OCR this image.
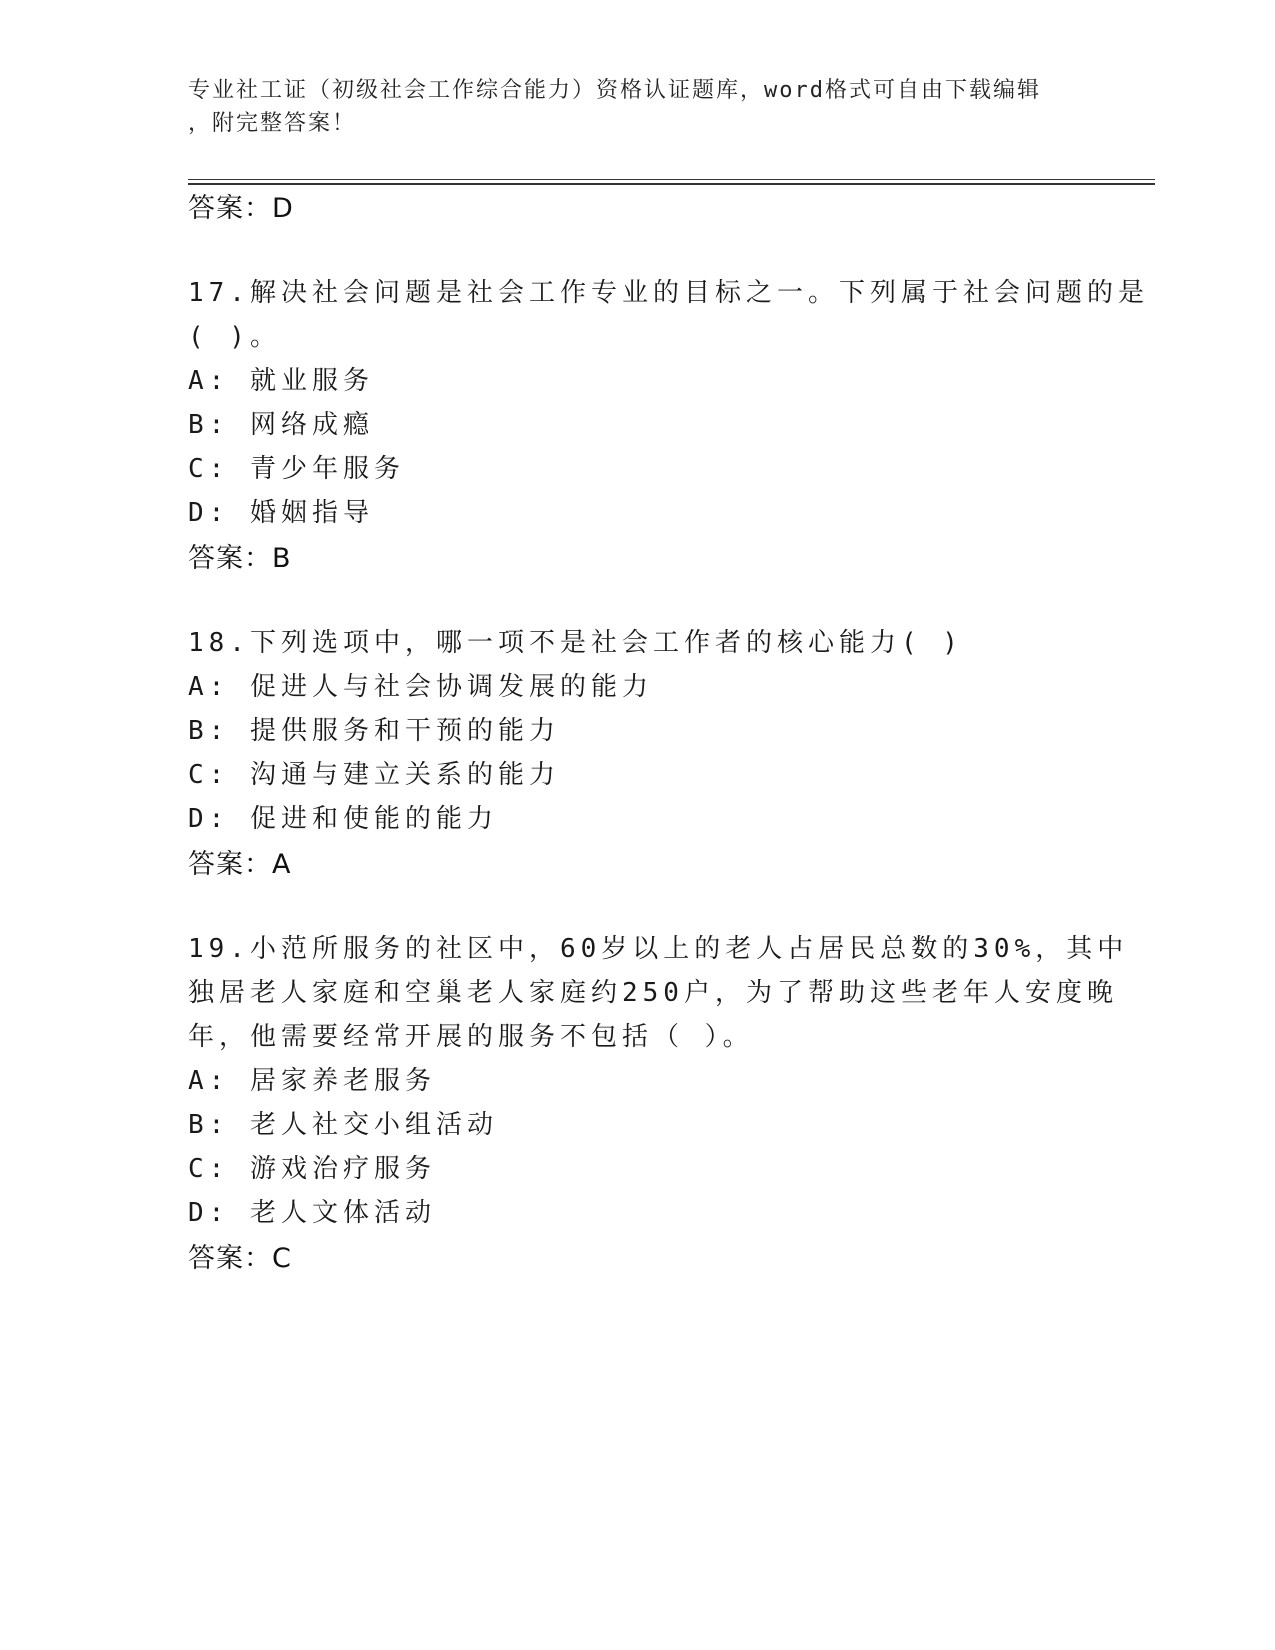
专业社工证（初级社会工作综合能力）资格认证题库，word格式可自由下载编辑
，附完整答案！
答案：D
17.解决社会问题是社会工作专业的目标之一。下列属于社会问题的是
( )。
A: 就业服务
B: 网络成瘾
C: 青少年服务
D: 婚姻指导
答案：B
18.下列选项中，哪一项不是社会工作者的核心能力( )
A: 促进人与社会协调发展的能力
B: 提供服务和干预的能力
C: 沟通与建立关系的能力
D: 促进和使能的能力
答案：A
19.小范所服务的社区中，60岁以上的老人占居民总数的30%，其中
独居老人家庭和空巢老人家庭约250户，为了帮助这些老年人安度晚
年，他需要经常开展的服务不包括（ ）。
A: 居家养老服务
B: 老人社交小组活动
C: 游戏治疗服务
D: 老人文体活动
答案：C
